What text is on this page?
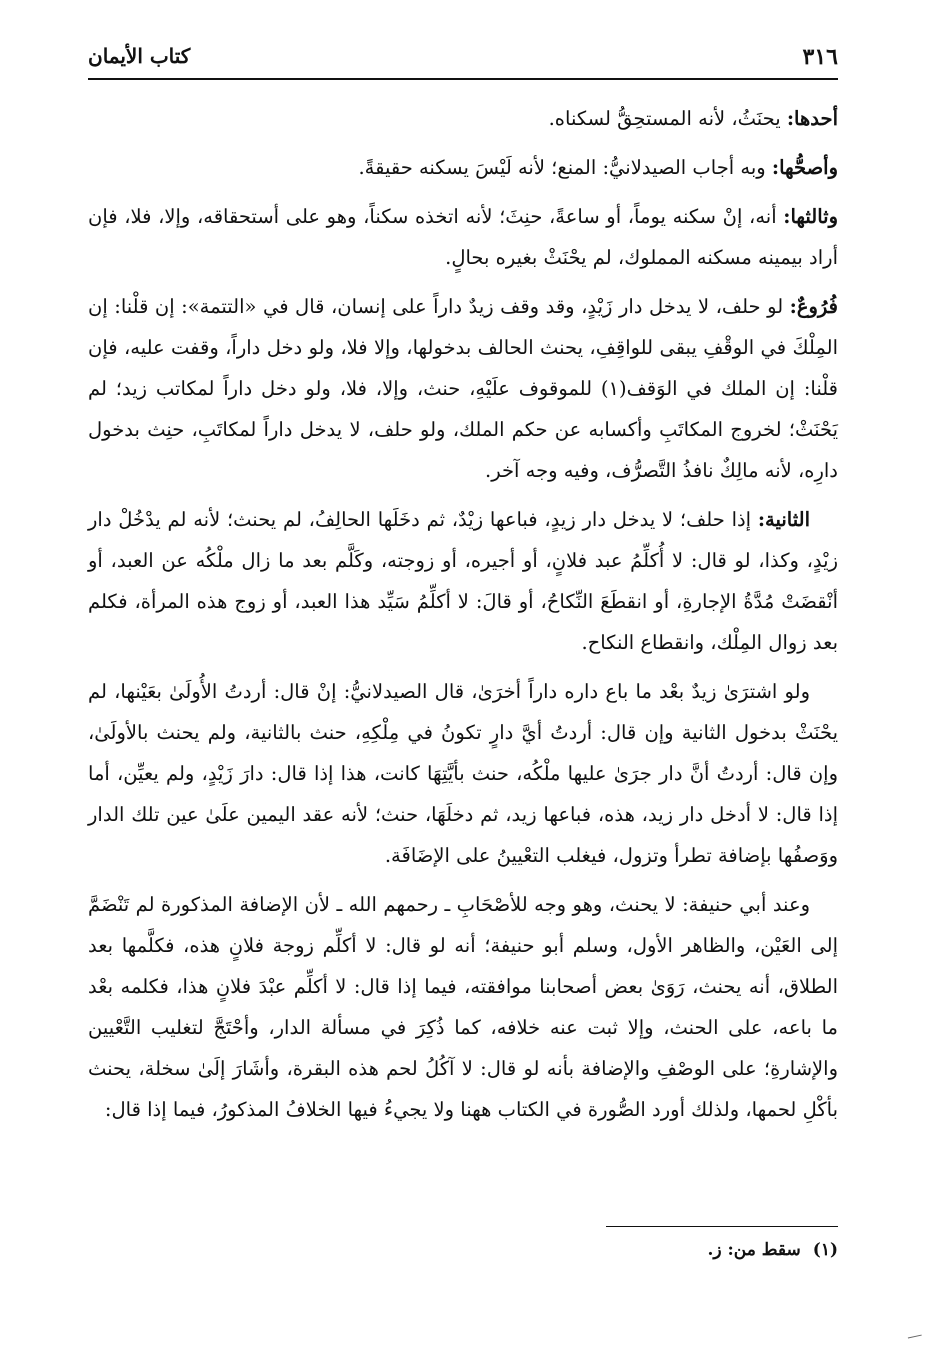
٣١٦
كتاب الأيمان

أحدها: يحنَثُ، لأنه المستحِقُّ لسكناه.

وأصحُّها: وبه أجاب الصيدلانيُّ: المنع؛ لأنه لَيْسَ يسكنه حقيقةً.

وثالثها: أنه، إنْ سكنه يوماً، أو ساعةً، حنِثَ؛ لأنه اتخذه سكناً، وهو على أستحقاقه، وإلا، فلا، فإن أراد بيمينه مسكنه المملوك، لم يحْنَثْ بغيره بحالٍ.

فُرُوعٌ: لو حلف، لا يدخل دار زَيْدٍ، وقد وقف زيدٌ داراً على إنسان، قال في «التتمة»: إن قلْنا: إن المِلْكَ في الوقْفِ يبقى للواقِفِ، يحنث الحالف بدخولها، وإلا فلا، ولو دخل داراً، وقفت عليه، فإن قلْنا: إن الملك في الوَقف(١) للموقوف علَيْهِ، حنث، وإلا، فلا، ولو دخل داراً لمكاتب زيد؛ لم يَحْنَثْ؛ لخروج المكاتَبِ وأكسابه عن حكم الملك، ولو حلف، لا يدخل داراً لمكاتَبِ، حنِث بدخول دارِه، لأنه مالِكٌ نافذُ التَّصرُّف، وفيه وجه آخر.

الثانية: إذا حلف؛ لا يدخل دار زيدٍ، فباعها زيْدٌ، ثم دخَلَها الحالِفُ، لم يحنث؛ لأنه لم يدْخُلْ دار زيْدٍ، وكذا، لو قال: لا أُكلِّمُ عبد فلانٍ، أو أجيره، أو زوجته، وكَلَّم بعد ما زال ملْكُه عن العبد، أو أنْقضَتْ مُدَّةُ الإجارةِ، أو انقطَعَ النِّكاحُ، أو قالَ: لا أكلِّمُ سَيِّد هذا العبد، أو زوج هذه المرأة، فكلم بعد زوال المِلْك، وانقطاع النكاح.

ولو اشترَىٰ زيدٌ بعْد ما باع داره داراً أخرَىٰ، قال الصيدلانيُّ: إنْ قال: أردتُ الأُولَىٰ بعَيْنها، لم يحْنَثْ بدخول الثانية وإن قال: أردتُ أيَّ دارٍ تكونُ في مِلْكِهِ، حنث بالثانية، ولم يحنث بالأولَىٰ، وإن قال: أردتُ أنَّ دار جرَىٰ عليها ملْكُه، حنث بأيَّتِهَا كانت، هذا إذا قال: دارَ زَيْدٍ، ولم يعيِّن، أما إذا قال: لا أدخل دار زيد، هذه، فباعها زيد، ثم دخلَهَا، حنث؛ لأنه عقد اليمين علَىٰ عين تلك الدار ووَصفُها بإضافة تطرأ وتزول، فيغلب التعْيينُ على الإضَافَة.

وعند أبي حنيفة: لا يحنث، وهو وجه للأصْحَابِ ـ رحمهم الله ـ لأن الإضافة المذكورة لم تَنْضَمَّ إلى العَيْن، والظاهر الأول، وسلم أبو حنيفة؛ أنه لو قال: لا أكلِّم زوجة فلانٍ هذه، فكلَّمها بعد الطلاق، أنه يحنث، رَوَىٰ بعض أصحابنا موافقته، فيما إذا قال: لا أكلِّم عبْدَ فلانٍ هذا، فكلمه بعْد ما باعه، على الحنث، وإلا ثبت عنه خلافه، كما ذُكِرَ في مسألة الدار، وأحْتَجَّ لتغليب التَّعْيين والإشارةِ؛ على الوصْفِ والإضافة بأنه لو قال: لا آكُلُ لحم هذه البقرة، وأشَارَ إلَىٰ سخلة، يحنث بأكْلِ لحمها، ولذلك أورد الصُّورة في الكتاب ههنا ولا يجيءُ فيها الخلافُ المذكورُ، فيما إذا قال:

(١)سقط من: ز.
